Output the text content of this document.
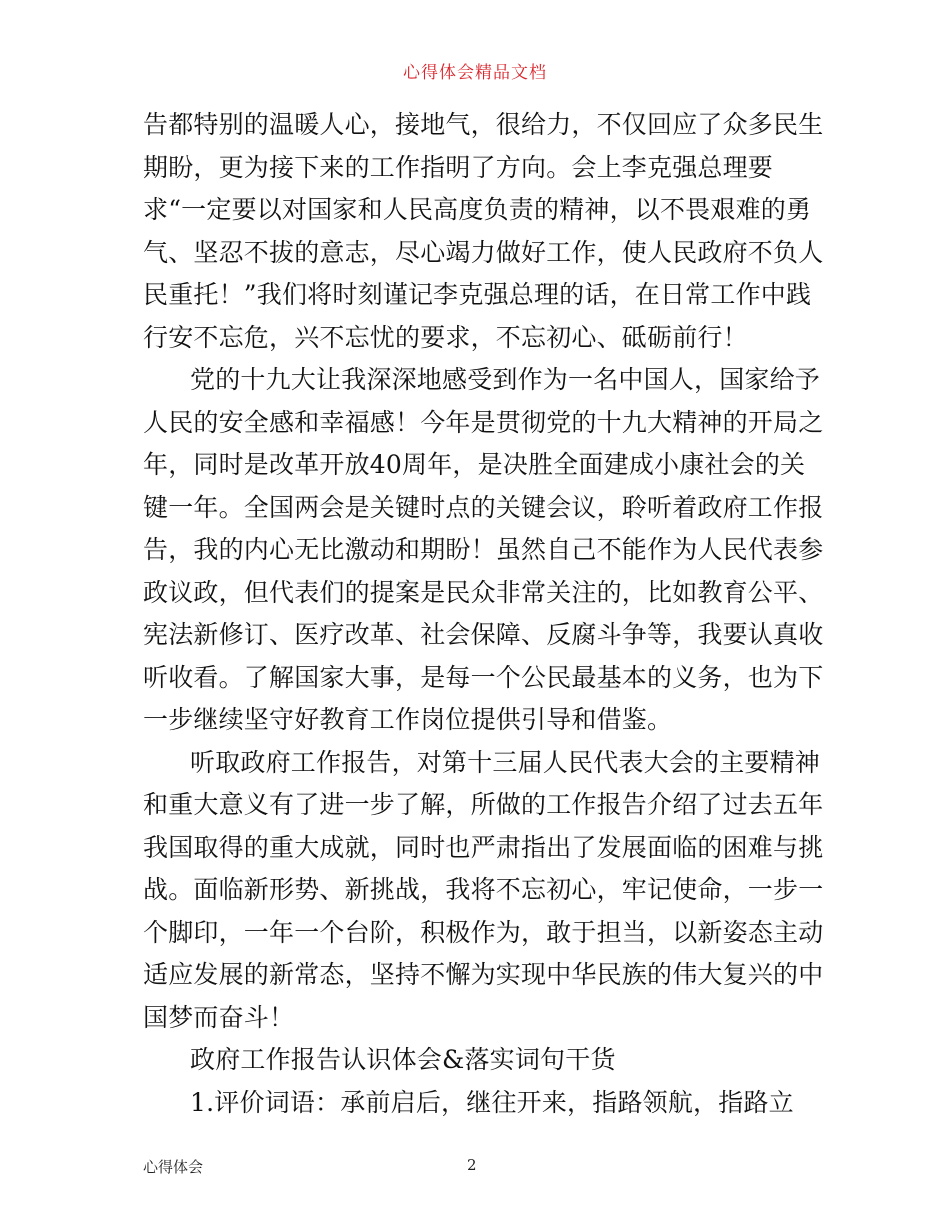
心得体会精品文档
告都特别的温暖人心，接地气，很给力，不仅回应了众多民生
期盼，更为接下来的工作指明了方向。会上李克强总理要
求“一定要以对国家和人民高度负责的精神，以不畏艰难的勇
气、坚忍不拔的意志，尽心竭力做好工作，使人民政府不负人
民重托！”我们将时刻谨记李克强总理的话，在日常工作中践
行安不忘危，兴不忘忧的要求，不忘初心、砥砺前行！
党的十九大让我深深地感受到作为一名中国人，国家给予
人民的安全感和幸福感！今年是贯彻党的十九大精神的开局之
年，同时是改革开放40周年，是决胜全面建成小康社会的关
键一年。全国两会是关键时点的关键会议，聆听着政府工作报
告，我的内心无比激动和期盼！虽然自己不能作为人民代表参
政议政，但代表们的提案是民众非常关注的，比如教育公平、
宪法新修订、医疗改革、社会保障、反腐斗争等，我要认真收
听收看。了解国家大事，是每一个公民最基本的义务，也为下
一步继续坚守好教育工作岗位提供引导和借鉴。
听取政府工作报告，对第十三届人民代表大会的主要精神
和重大意义有了进一步了解，所做的工作报告介绍了过去五年
我国取得的重大成就，同时也严肃指出了发展面临的困难与挑
战。面临新形势、新挑战，我将不忘初心，牢记使命，一步一
个脚印，一年一个台阶，积极作为，敢于担当，以新姿态主动
适应发展的新常态，坚持不懈为实现中华民族的伟大复兴的中
国梦而奋斗！
政府工作报告认识体会&落实词句干货
1.评价词语：承前启后，继往开来，指路领航，指路立
心得体会	2
